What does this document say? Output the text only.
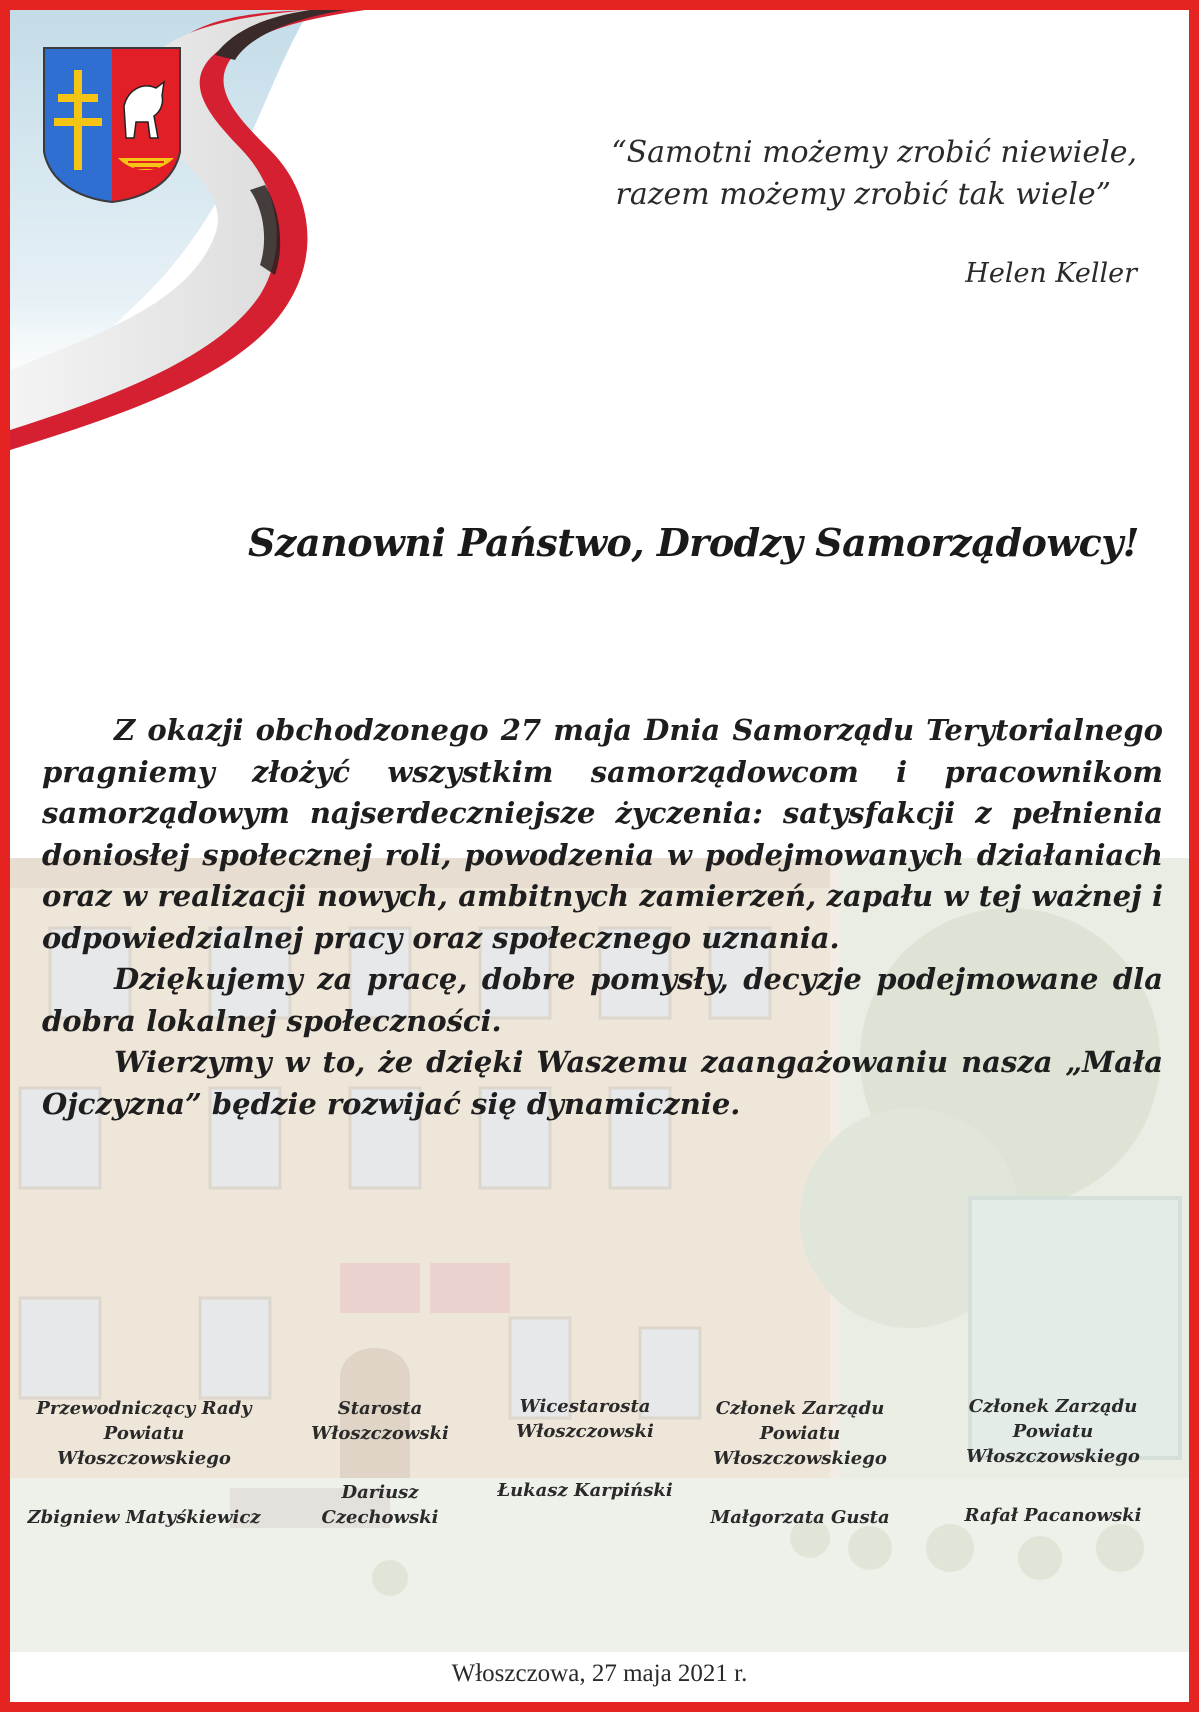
“Samotni możemy zrobić niewiele,
razem możemy zrobić tak wiele”
Helen Keller
Szanowni Państwo, Drodzy Samorządowcy!

Z okazji obchodzonego 27 maja Dnia Samorządu Terytorialnego pragniemy złożyć wszystkim samorządowcom i pracownikom samorządowym najserdeczniejsze życzenia: satysfakcji z pełnienia doniosłej społecznej roli, powodzenia w podejmowanych działaniach oraz w realizacji nowych, ambitnych zamierzeń, zapału w tej ważnej i odpowiedzialnej pracy oraz społecznego uznania.

Dziękujemy za pracę, dobre pomysły, decyzje podejmowane dla dobra lokalnej społeczności.

Wierzymy w to, że dzięki Waszemu zaangażowaniu nasza „Mała Ojczyzna” będzie rozwijać się dynamicznie.

Przewodniczący Rady
Powiatu Włoszczowskiego
Zbigniew Matyśkiewicz
Starosta
Włoszczowski
Dariusz Czechowski
Wicestarosta
Włoszczowski
Łukasz Karpiński
Członek Zarządu
Powiatu Włoszczowskiego
Małgorzata Gusta
Członek Zarządu
Powiatu Włoszczowskiego
Rafał Pacanowski
Włoszczowa, 27 maja 2021 r.
